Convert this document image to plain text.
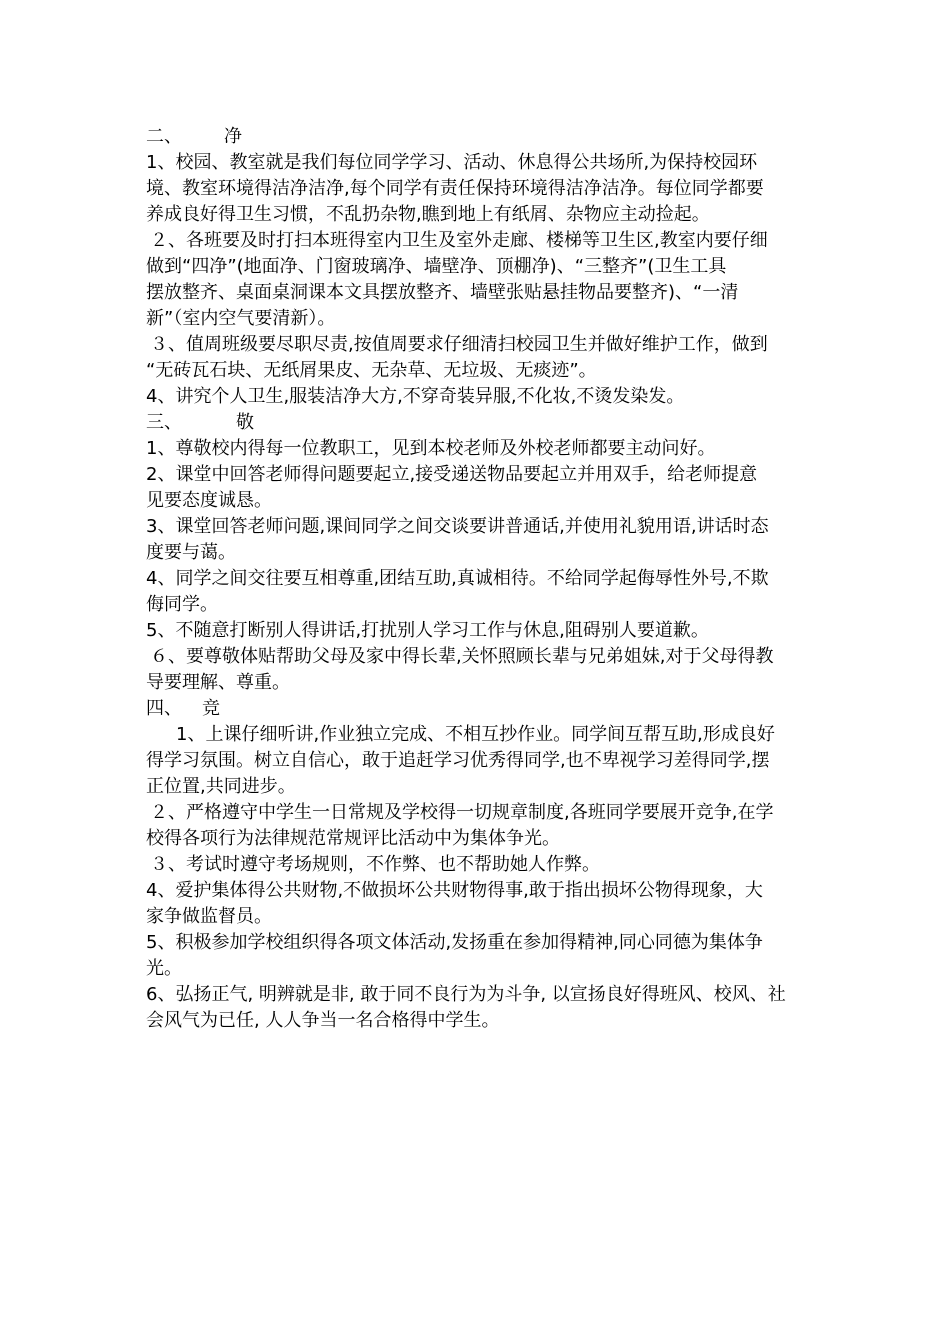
二、 净
1、校园、教室就是我们每位同学学习、活动、休息得公共场所,为保持校园环
境、教室环境得洁净洁净,每个同学有责任保持环境得洁净洁净。每位同学都要
养成良好得卫生习惯，不乱扔杂物,瞧到地上有纸屑、杂物应主动捡起。
２、各班要及时打扫本班得室内卫生及室外走廊、楼梯等卫生区,教室内要仔细
做到“四净”(地面净、门窗玻璃净、墙壁净、顶棚净)、“三整齐”(卫生工具
摆放整齐、桌面桌洞课本文具摆放整齐、墙壁张贴悬挂物品要整齐)、“一清
新”（室内空气要清新）。
３、值周班级要尽职尽责,按值周要求仔细清扫校园卫生并做好维护工作，做到
“无砖瓦石块、无纸屑果皮、无杂草、无垃圾、无痰迹”。
4、讲究个人卫生,服装洁净大方,不穿奇装异服,不化妆,不烫发染发。
三、	敬
1、尊敬校内得每一位教职工，见到本校老师及外校老师都要主动问好。
2、课堂中回答老师得问题要起立,接受递送物品要起立并用双手，给老师提意
见要态度诚恳。
3、课堂回答老师问题,课间同学之间交谈要讲普通话,并使用礼貌用语,讲话时态
度要与蔼。
4、同学之间交往要互相尊重,团结互助,真诚相待。不给同学起侮辱性外号,不欺
侮同学。
5、不随意打断别人得讲话,打扰别人学习工作与休息,阻碍别人要道歉。
６、要尊敬体贴帮助父母及家中得长辈,关怀照顾长辈与兄弟姐妹,对于父母得教
导要理解、尊重。
四、 竞
1、上课仔细听讲,作业独立完成、不相互抄作业。同学间互帮互助,形成良好
得学习氛围。树立自信心，敢于追赶学习优秀得同学,也不卑视学习差得同学,摆
正位置,共同进步。
２、严格遵守中学生一日常规及学校得一切规章制度,各班同学要展开竞争,在学
校得各项行为法律规范常规评比活动中为集体争光。
３、考试时遵守考场规则，不作弊、也不帮助她人作弊。
4、爱护集体得公共财物,不做损坏公共财物得事,敢于指出损坏公物得现象，大
家争做监督员。
5、积极参加学校组织得各项文体活动,发扬重在参加得精神,同心同德为集体争
光。
6、弘扬正气, 明辨就是非, 敢于同不良行为为斗争, 以宣扬良好得班风、校风、社
会风气为已任, 人人争当一名合格得中学生。
